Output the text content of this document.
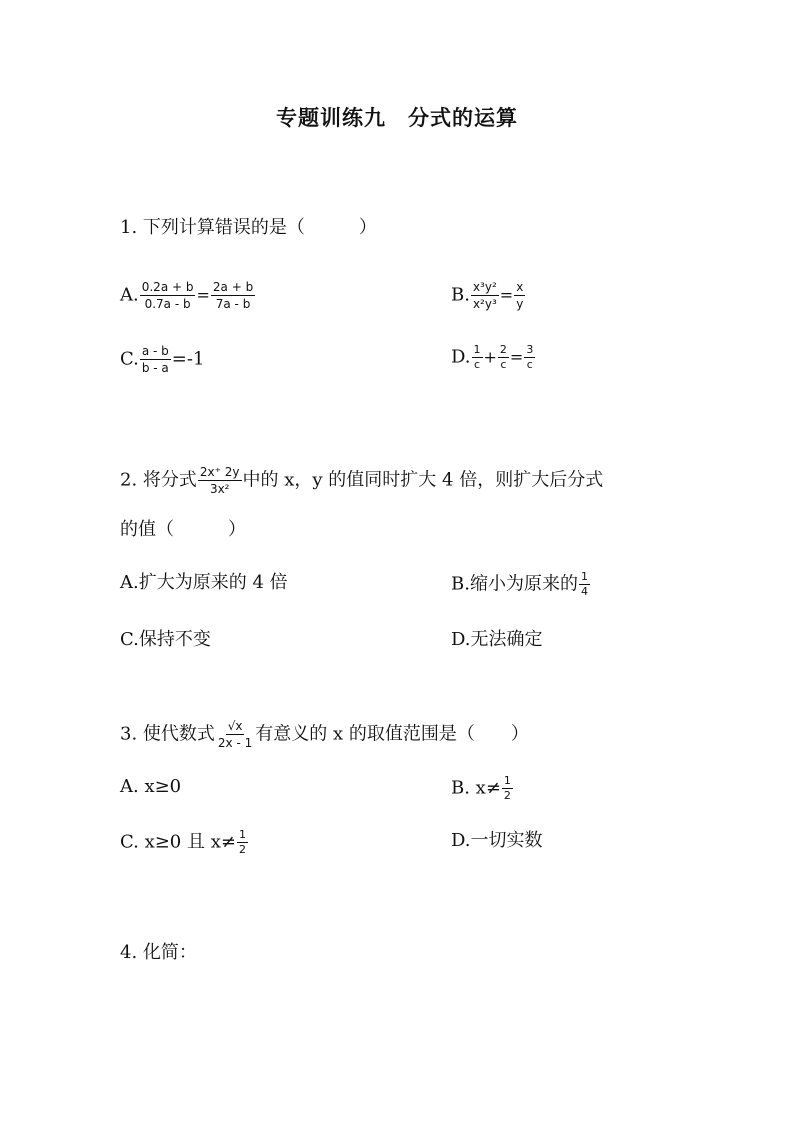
专题训练九　分式的运算
1. 下列计算错误的是（　　　）
A. $\frac{0.2a + b}{0.7a - b} = \frac{2a + b}{7a - b}$	B. $\frac{\text{x³y²}}{\text{x²y³}} = \frac{x}{y}$
C. $\frac{a - b}{b - a} =-1$	D. $\frac{1}{c} + \frac{2}{c} = \frac{3}{c}$
2. 将分式 $\frac{2x^+ 2y}{\text{3x²}}$ 中的 x，y 的值同时扩大 4 倍，则扩大后分式
的值（　　　）
A.扩大为原来的 4 倍	B.缩小为原来的 $\frac{1}{4}$
C.保持不变	D.无法确定
3. 使代数式 $\frac{√x}{2x - 1}$ 有意义的 x 的取值范围是（　　）
A. x≥0	B. $x\ne \frac{1}{2}$
C. x≥0 且 $x\ne \frac{1}{2}$	D.一切实数
4. 化简：
